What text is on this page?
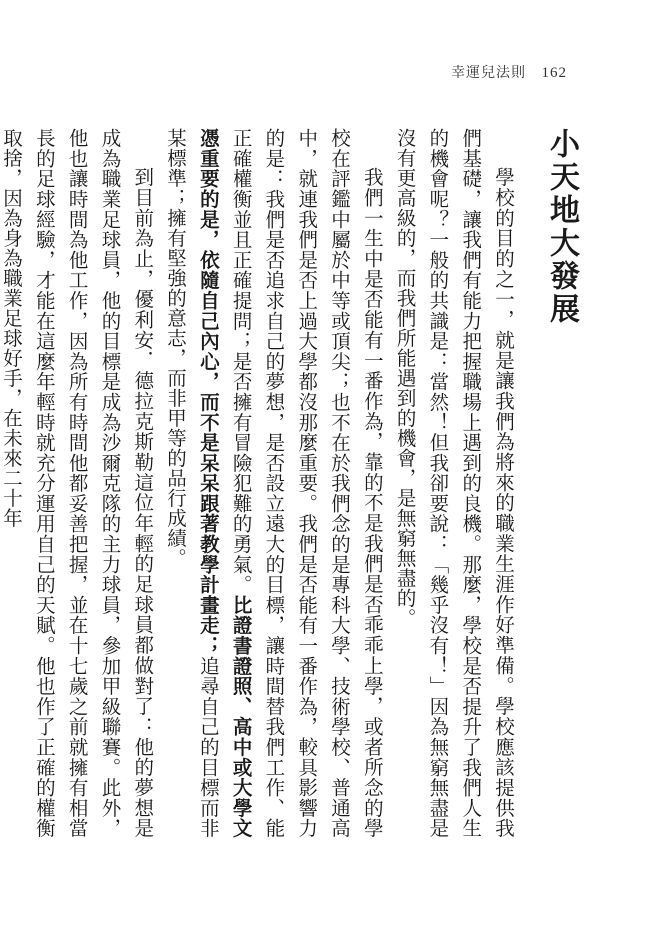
幸運兒法則 162
小天地大發展

學校的目的之一，就是讓我們為將來的職業生涯作好準備。學校應該提供我們基礎，讓我們有能力把握職場上遇到的良機。那麼，學校是否提升了我們人生的機會呢？一般的共識是：當然！但我卻要說：「幾乎沒有！」因為無窮無盡是沒有更高級的，而我們所能遇到的機會，是無窮無盡的。

我們一生中是否能有一番作為，靠的不是我們是否乖乖上學，或者所念的學校在評鑑中屬於中等或頂尖；也不在於我們念的是專科大學、技術學校、普通高中，就連我們是否上過大學都沒那麼重要。我們是否能有一番作為，較具影響力的是：我們是否追求自己的夢想，是否設立遠大的目標，讓時間替我們工作、能正確權衡並且正確提問；是否擁有冒險犯難的勇氣。比證書證照、高中或大學文憑重要的是，依隨自己內心，而不是呆呆跟著教學計畫走；追尋自己的目標而非某標準；擁有堅強的意志，而非甲等的品行成績。

到目前為止，優利安．德拉克斯勒這位年輕的足球員都做對了：他的夢想是成為職業足球員，他的目標是成為沙爾克隊的主力球員，參加甲級聯賽。此外，他也讓時間為他工作，因為所有時間他都妥善把握，並在十七歲之前就擁有相當長的足球經驗，才能在這麼年輕時就充分運用自己的天賦。他也作了正確的權衡取捨，因為身為職業足球好手，在未來二十年
